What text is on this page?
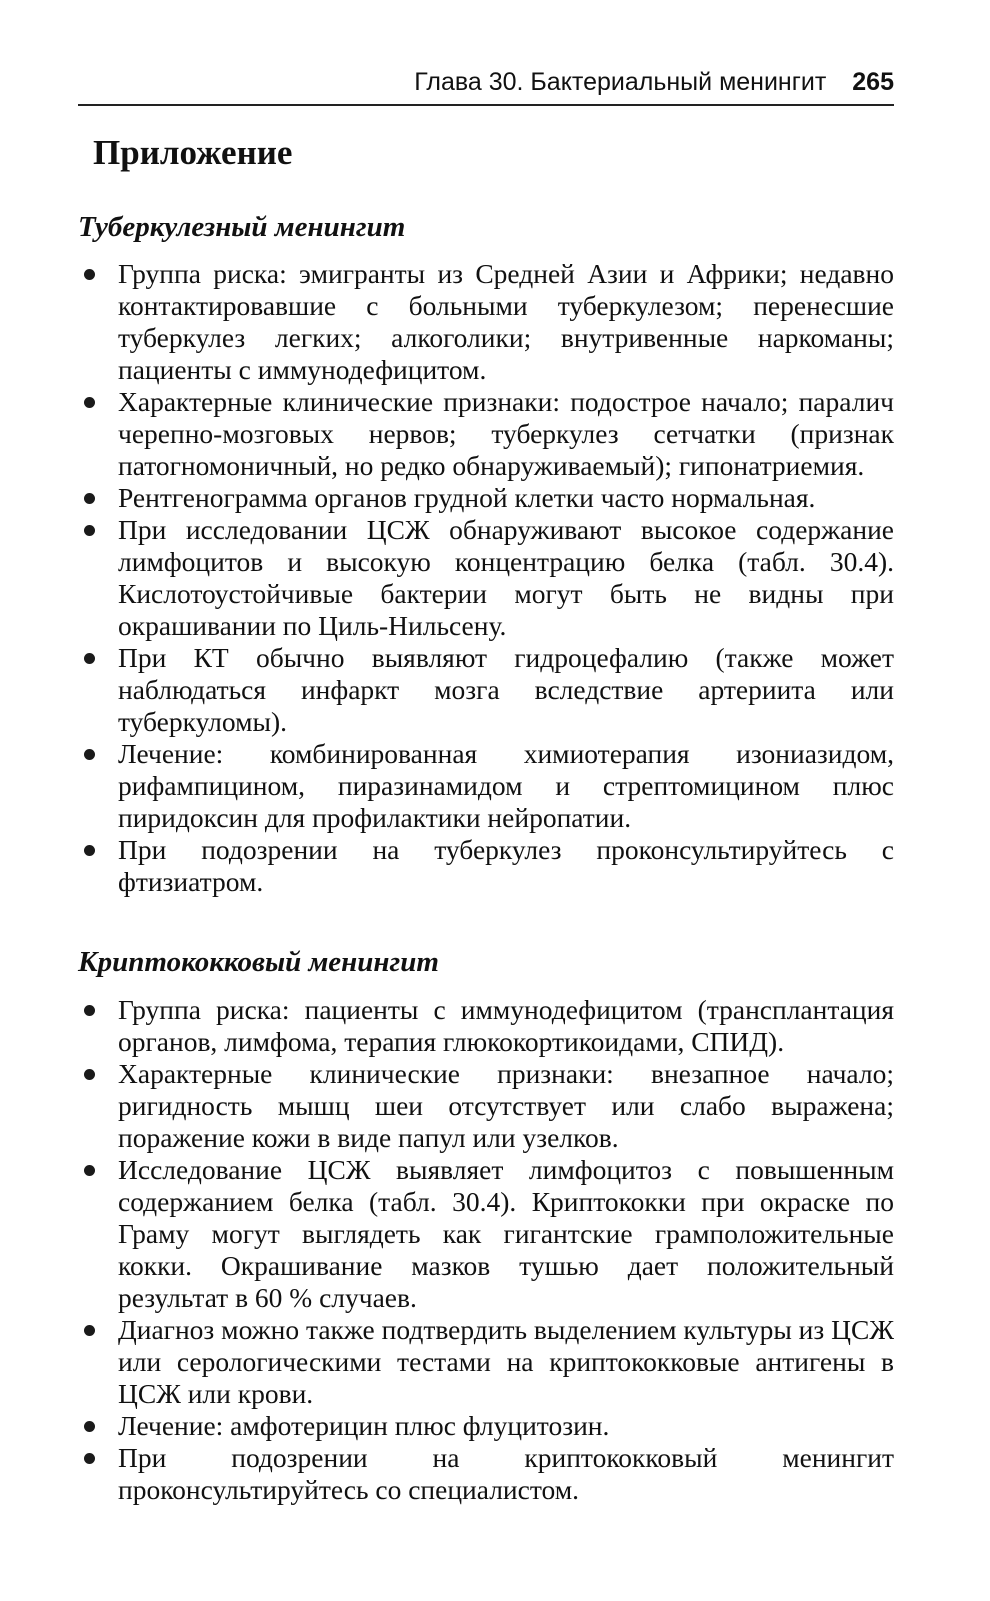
Глава 30. Бактериальный менингит 265
Приложение
Туберкулезный менингит
Группа риска: эмигранты из Средней Азии и Африки; недавно контактировавшие с больными туберкулезом; перенесшие туберкулез легких; алкоголики; внутривенные наркоманы; пациенты с иммунодефицитом.
Характерные клинические признаки: подострое начало; паралич черепно-мозговых нервов; туберкулез сетчатки (признак патогномоничный, но редко обнаруживаемый); гипонатриемия.
Рентгенограмма органов грудной клетки часто нормальная.
При исследовании ЦСЖ обнаруживают высокое содержание лимфоцитов и высокую концентрацию белка (табл. 30.4). Кислотоустойчивые бактерии могут быть не видны при окрашивании по Циль-Нильсену.
При КТ обычно выявляют гидроцефалию (также может наблюдаться инфаркт мозга вследствие артериита или туберкуломы).
Лечение: комбинированная химиотерапия изониазидом, рифампицином, пиразинамидом и стрептомицином плюс пиридоксин для профилактики нейропатии.
При подозрении на туберкулез проконсультируйтесь с фтизиатром.
Криптококковый менингит
Группа риска: пациенты с иммунодефицитом (трансплантация органов, лимфома, терапия глюкокортикоидами, СПИД).
Характерные клинические признаки: внезапное начало; ригидность мышц шеи отсутствует или слабо выражена; поражение кожи в виде папул или узелков.
Исследование ЦСЖ выявляет лимфоцитоз с повышенным содержанием белка (табл. 30.4). Криптококки при окраске по Граму могут выглядеть как гигантские грамположительные кокки. Окрашивание мазков тушью дает положительный результат в 60 % случаев.
Диагноз можно также подтвердить выделением культуры из ЦСЖ или серологическими тестами на криптококковые антигены в ЦСЖ или крови.
Лечение: амфотерицин плюс флуцитозин.
При подозрении на криптококковый менингит проконсультируйтесь со специалистом.
